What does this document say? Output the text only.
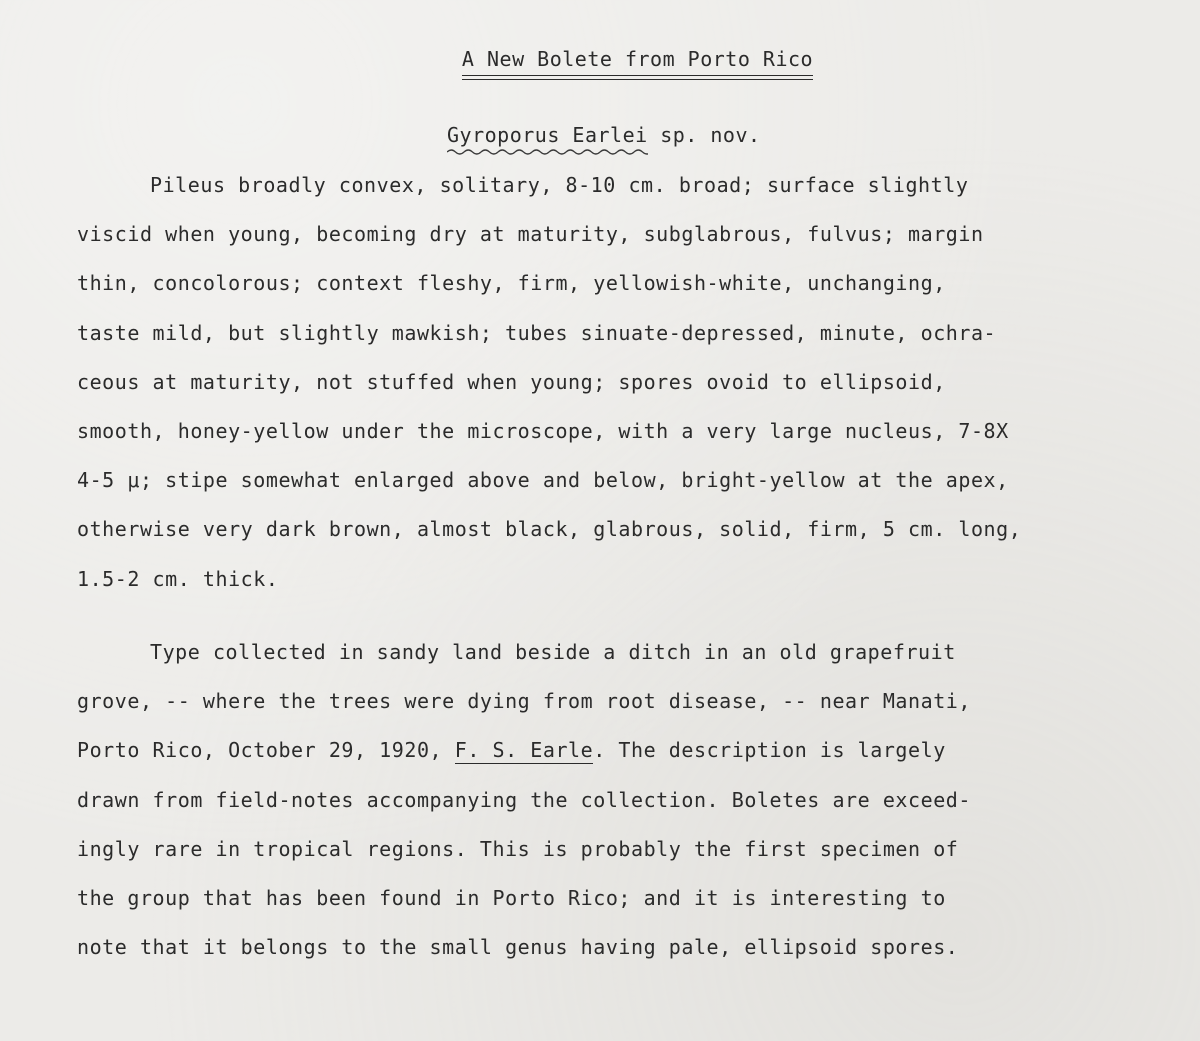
A New Bolete from Porto Rico
Gyroporus Earlei
sp. nov.
Pileus broadly convex, solitary, 8-10 cm. broad; surface slightly
viscid when young, becoming dry at maturity, subglabrous, fulvus; margin
thin, concolorous; context fleshy, firm, yellowish-white, unchanging,
taste mild, but slightly mawkish; tubes sinuate-depressed, minute, ochra-
ceous at maturity, not stuffed when young; spores ovoid to ellipsoid,
smooth, honey-yellow under the microscope, with a very large nucleus, 7-8X
4-5 μ; stipe somewhat enlarged above and below, bright-yellow at the apex,
otherwise very dark brown, almost black, glabrous, solid, firm, 5 cm. long,
1.5-2 cm. thick.
Type collected in sandy land beside a ditch in an old grapefruit
grove, -- where the trees were dying from root disease, -- near Manati,
Porto Rico, October 29, 1920, F. S. Earle. The description is largely
drawn from field-notes accompanying the collection. Boletes are exceed-
ingly rare in tropical regions. This is probably the first specimen of
the group that has been found in Porto Rico; and it is interesting to
note that it belongs to the small genus having pale, ellipsoid spores.
